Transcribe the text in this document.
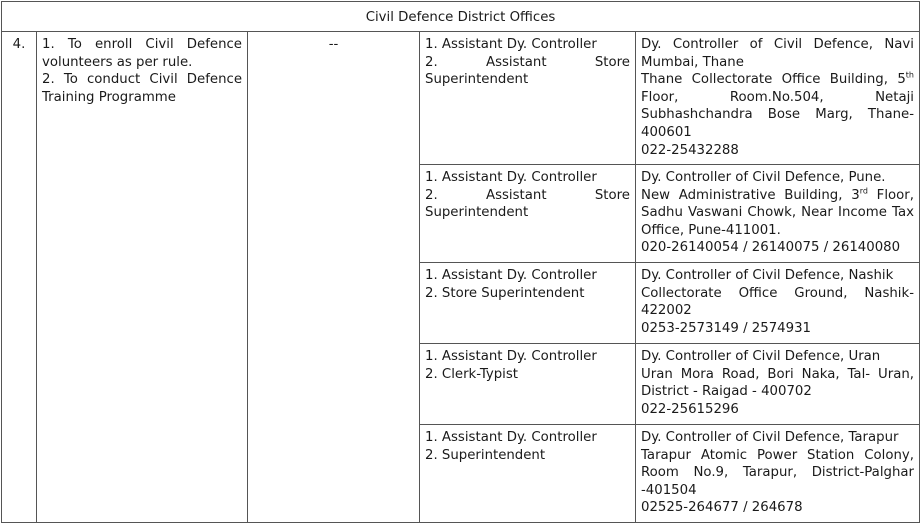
Civil Defence District Offices				
4.	1. To enroll Civil Defence volunteers as per rule.
2. To conduct Civil Defence Training Programme	--	1. Assistant Dy. Controller
2. Assistant Store Superintendent	Dy. Controller of Civil Defence, Navi Mumbai, Thane
Thane Collectorate Office Building, 5th Floor, Room.No.504, Netaji Subhashchandra Bose Marg, Thane-400601
022-25432288

			1. Assistant Dy. Controller
2. Assistant Store Superintendent	Dy. Controller of Civil Defence, Pune.
New Administrative Building, 3rd Floor, Sadhu Vaswani Chowk, Near Income Tax Office, Pune-411001.
020-26140054 / 26140075 / 26140080

			1. Assistant Dy. Controller
2. Store Superintendent	Dy. Controller of Civil Defence, Nashik
Collectorate Office Ground, Nashik-422002
0253-2573149 / 2574931

			1. Assistant Dy. Controller
2. Clerk-Typist	Dy. Controller of Civil Defence, Uran
Uran Mora Road, Bori Naka, Tal- Uran, District - Raigad - 400702
022-25615296

			1. Assistant Dy. Controller
2. Superintendent	Dy. Controller of Civil Defence, Tarapur
Tarapur Atomic Power Station Colony, Room No.9, Tarapur, District-Palghar -401504
02525-264677 / 264678
